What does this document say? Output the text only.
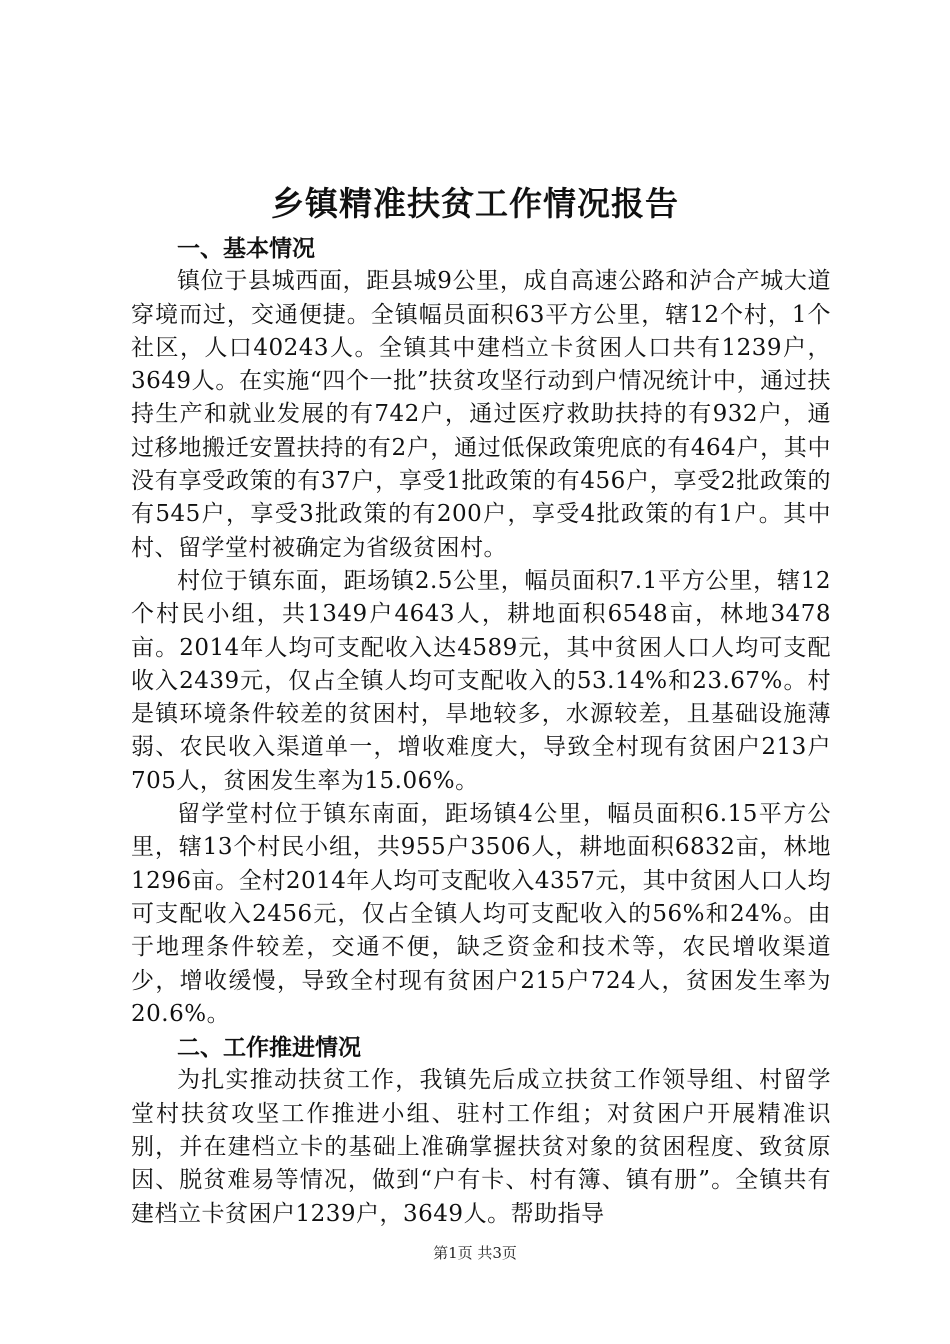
乡镇精准扶贫工作情况报告
一、基本情况

镇位于县城西面，距县城9公里，成自高速公路和泸合产城大道穿境而过，交通便捷。全镇幅员面积63平方公里，辖12个村，1个社区，人口40243人。全镇其中建档立卡贫困人口共有1239户，3649人。在实施“四个一批”扶贫攻坚行动到户情况统计中，通过扶持生产和就业发展的有742户，通过医疗救助扶持的有932户，通过移地搬迁安置扶持的有2户，通过低保政策兜底的有464户，其中没有享受政策的有37户，享受1批政策的有456户，享受2批政策的有545户，享受3批政策的有200户，享受4批政策的有1户。其中村、留学堂村被确定为省级贫困村。

村位于镇东面，距场镇2.5公里，幅员面积7.1平方公里，辖12个村民小组，共1349户4643人，耕地面积6548亩，林地3478亩。2014年人均可支配收入达4589元，其中贫困人口人均可支配收入2439元，仅占全镇人均可支配收入的53.14%和23.67%。村是镇环境条件较差的贫困村，旱地较多，水源较差，且基础设施薄弱、农民收入渠道单一，增收难度大，导致全村现有贫困户213户705人，贫困发生率为15.06%。

留学堂村位于镇东南面，距场镇4公里，幅员面积6.15平方公里，辖13个村民小组，共955户3506人，耕地面积6832亩，林地1296亩。全村2014年人均可支配收入4357元，其中贫困人口人均可支配收入2456元，仅占全镇人均可支配收入的56%和24%。由于地理条件较差，交通不便，缺乏资金和技术等，农民增收渠道少，增收缓慢，导致全村现有贫困户215户724人，贫困发生率为20.6%。

二、工作推进情况

为扎实推动扶贫工作，我镇先后成立扶贫工作领导组、村留学堂村扶贫攻坚工作推进小组、驻村工作组；对贫困户开展精准识别，并在建档立卡的基础上准确掌握扶贫对象的贫困程度、致贫原因、脱贫难易等情况，做到“户有卡、村有簿、镇有册”。全镇共有建档立卡贫困户1239户，3649人。帮助指导

第1页 共3页
